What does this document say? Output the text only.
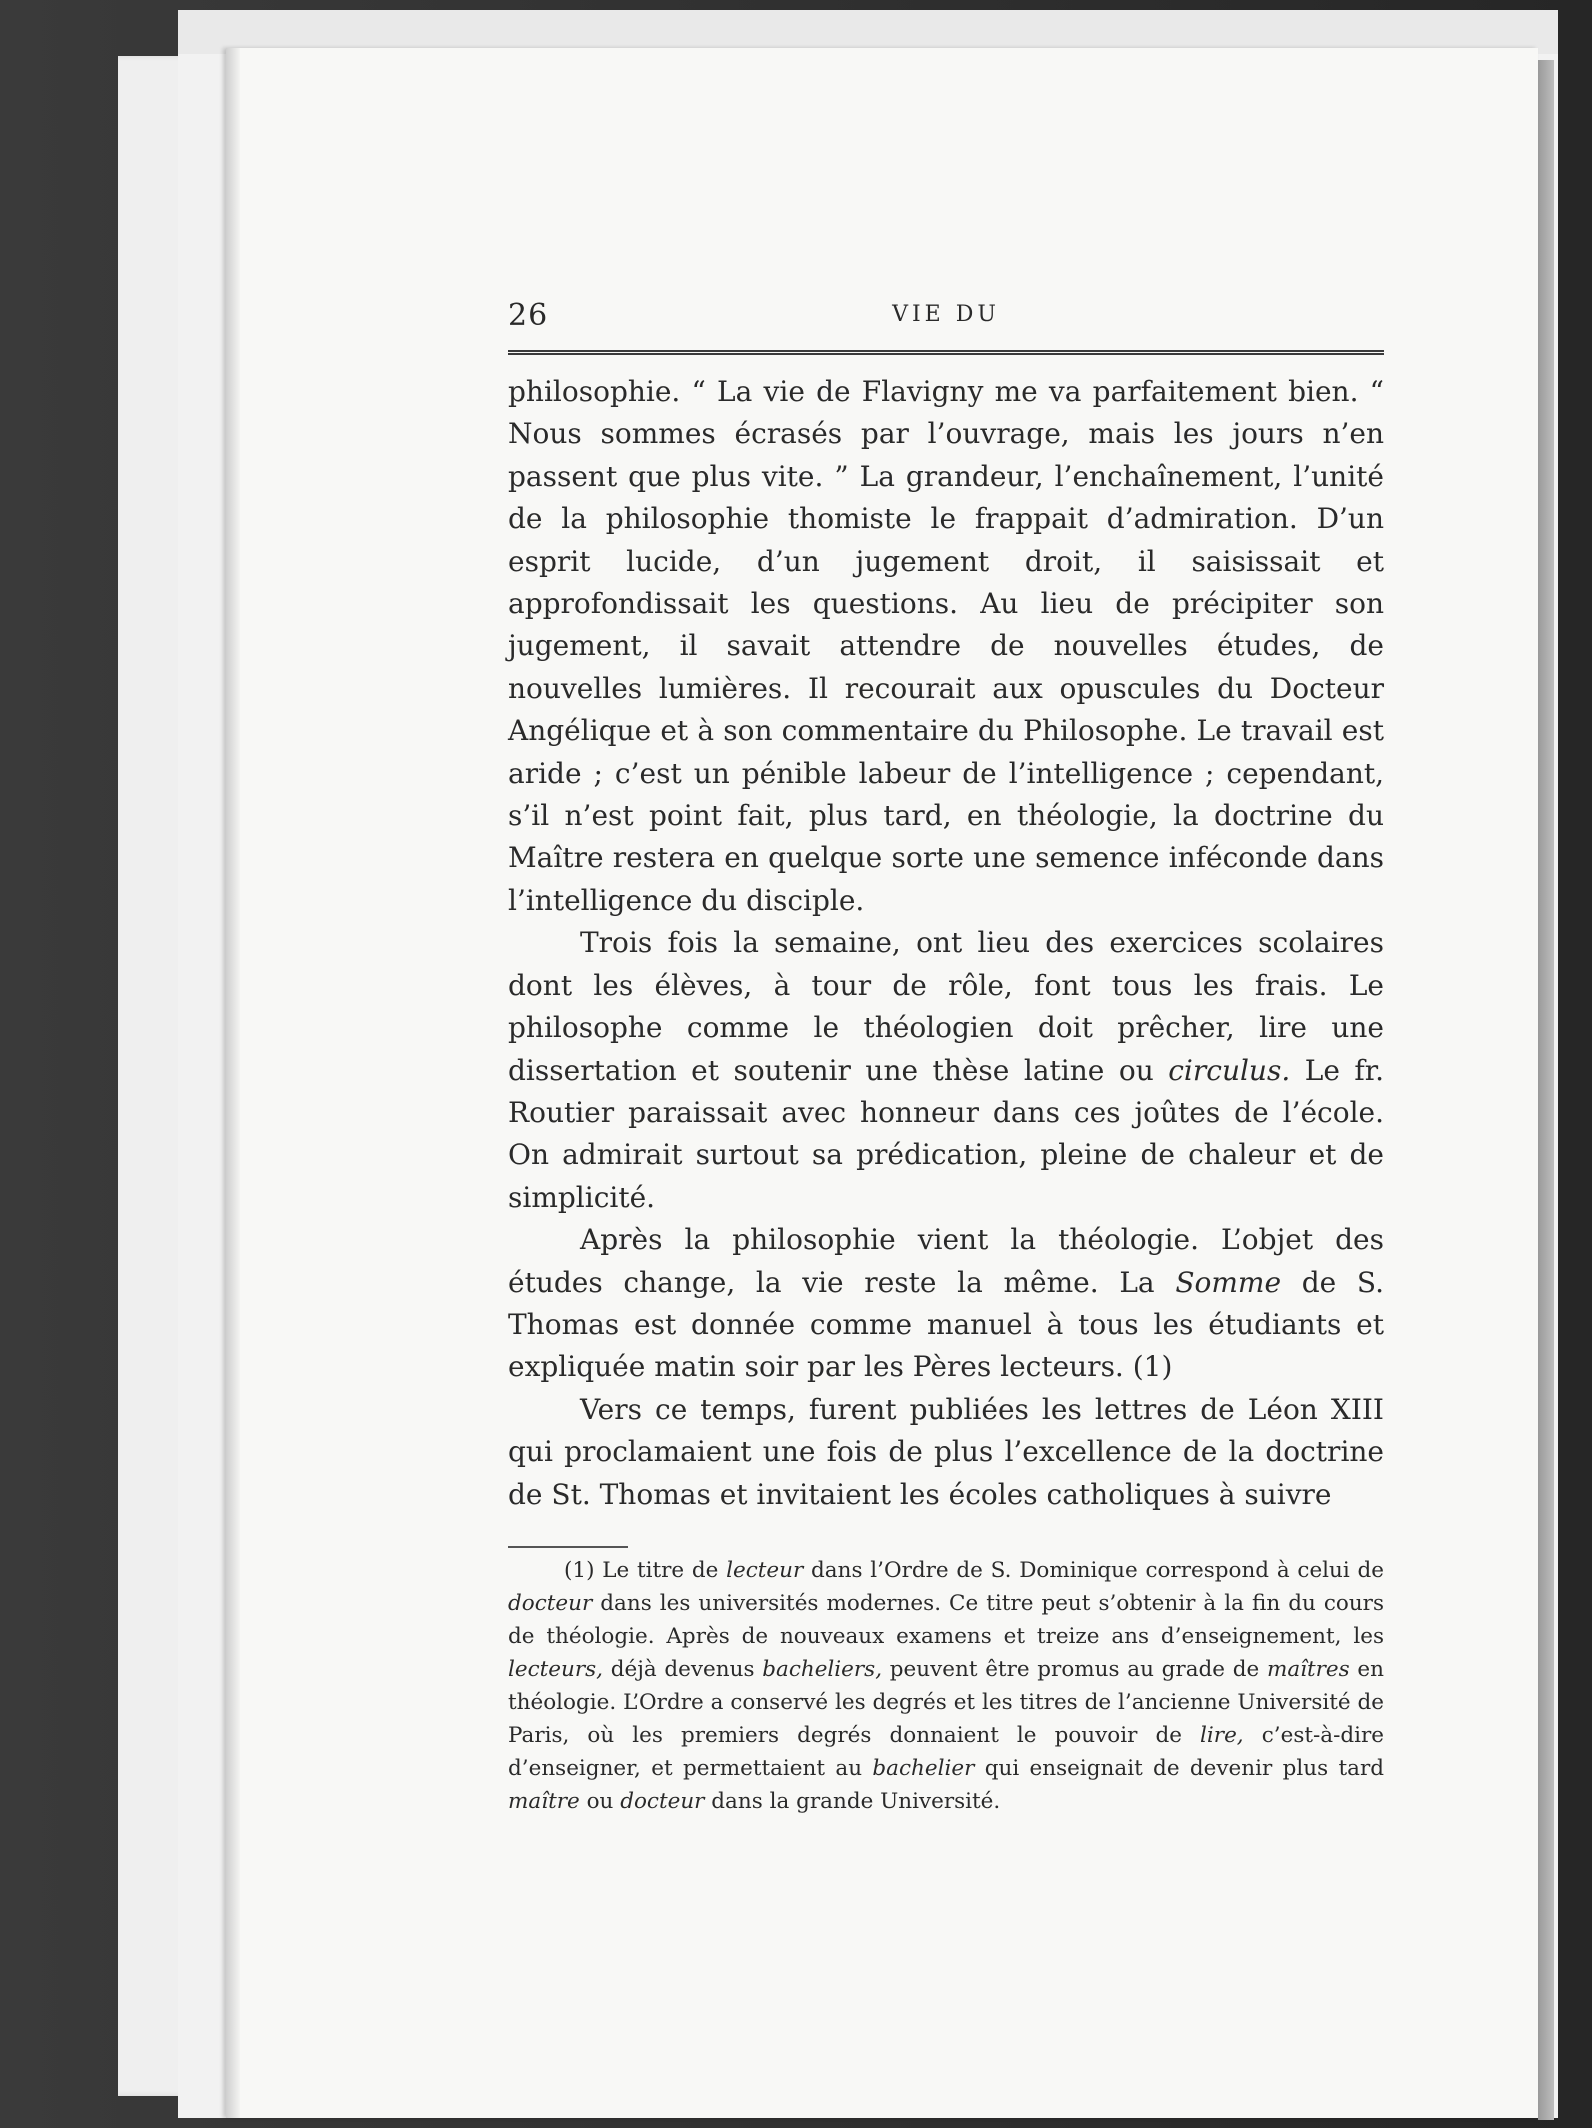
26	VIE DU

philosophie. “ La vie de Flavigny me va parfaitement bien. “ Nous sommes écrasés par l’ouvrage, mais les jours n’en passent que plus vite. ” La grandeur, l’enchaînement, l’unité de la philosophie thomiste le frappait d’admiration. D’un esprit lucide, d’un jugement droit, il saisissait et approfondissait les questions. Au lieu de précipiter son jugement, il savait attendre de nouvelles études, de nouvelles lumières. Il recourait aux opuscules du Docteur Angélique et à son commentaire du Philosophe. Le travail est aride ; c’est un pénible labeur de l’intelligence ; cependant, s’il n’est point fait, plus tard, en théologie, la doctrine du Maître restera en quelque sorte une semence inféconde dans l’intelligence du disciple.

Trois fois la semaine, ont lieu des exercices scolaires dont les élèves, à tour de rôle, font tous les frais. Le philosophe comme le théologien doit prêcher, lire une dissertation et soutenir une thèse latine ou circulus. Le fr. Routier paraissait avec honneur dans ces joûtes de l’école. On admirait surtout sa prédication, pleine de chaleur et de simplicité.

Après la philosophie vient la théologie. L’objet des études change, la vie reste la même. La Somme de S. Thomas est donnée comme manuel à tous les étudiants et expliquée matin soir par les Pères lecteurs. (1)

Vers ce temps, furent publiées les lettres de Léon XIII qui proclamaient une fois de plus l’excellence de la doctrine de St. Thomas et invitaient les écoles catholiques à suivre

(1) Le titre de lecteur dans l’Ordre de S. Dominique correspond à celui de docteur dans les universités modernes. Ce titre peut s’obtenir à la fin du cours de théologie. Après de nouveaux examens et treize ans d’enseignement, les lecteurs, déjà devenus bacheliers, peuvent être promus au grade de maîtres en théologie. L’Ordre a conservé les degrés et les titres de l’ancienne Université de Paris, où les premiers degrés donnaient le pouvoir de lire, c’est-à-dire d’enseigner, et permettaient au bachelier qui enseignait de devenir plus tard maître ou docteur dans la grande Université.
